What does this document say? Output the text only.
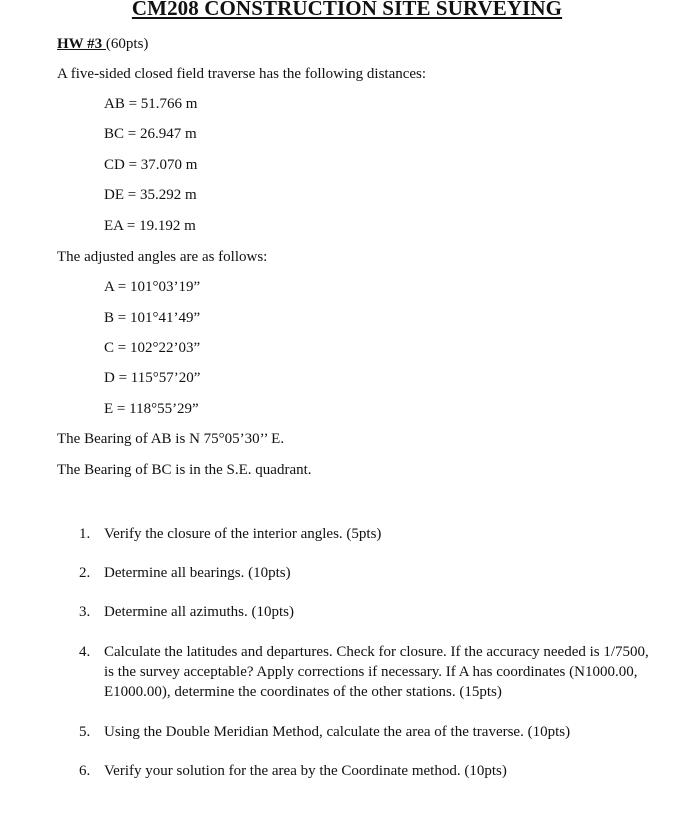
CM208 CONSTRUCTION SITE SURVEYING
HW #3 (60pts)
A five-sided closed field traverse has the following distances:
AB = 51.766 m
BC = 26.947 m
CD = 37.070 m
DE = 35.292 m
EA = 19.192 m
The adjusted angles are as follows:
A = 101°03’19”
B = 101°41’49”
C = 102°22’03”
D = 115°57’20”
E = 118°55’29”
The Bearing of AB is N 75°05’30’’ E.
The Bearing of BC is in the S.E. quadrant.
1. Verify the closure of the interior angles. (5pts)
2. Determine all bearings. (10pts)
3. Determine all azimuths. (10pts)
4. Calculate the latitudes and departures. Check for closure. If the accuracy needed is 1/7500, is the survey acceptable? Apply corrections if necessary. If A has coordinates (N1000.00, E1000.00), determine the coordinates of the other stations. (15pts)
5. Using the Double Meridian Method, calculate the area of the traverse. (10pts)
6. Verify your solution for the area by the Coordinate method. (10pts)
